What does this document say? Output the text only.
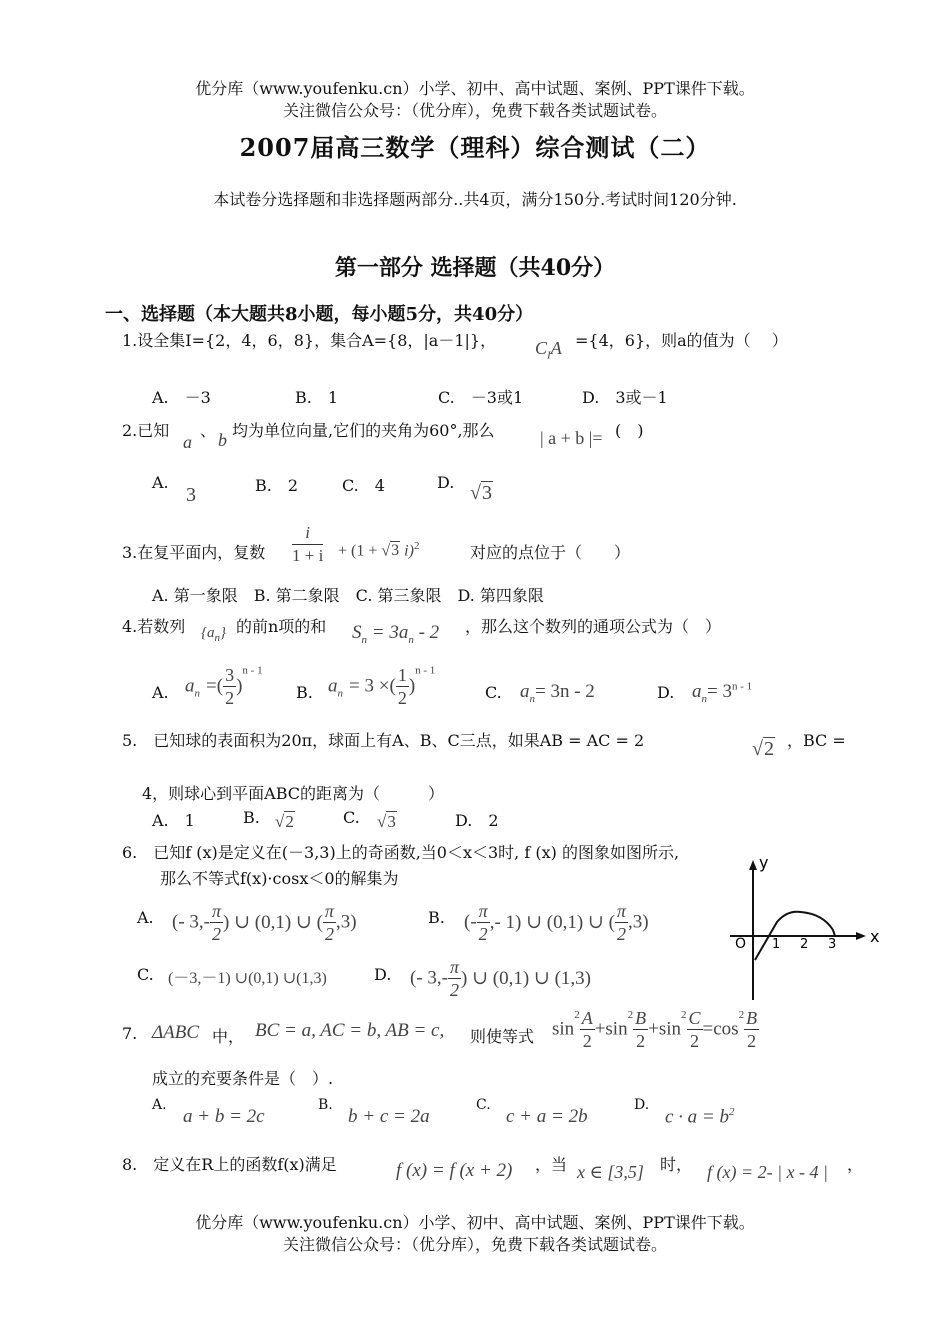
优分库（www.youfenku.cn）小学、初中、高中试题、案例、PPT课件下载。
关注微信公众号：（优分库），免费下载各类试题试卷。
2007届高三数学（理科）综合测试（二）
本试卷分选择题和非选择题两部分..共4页，满分150分.考试时间120分钟.
第一部分 选择题（共40分）
一、选择题（本大题共8小题，每小题5分，共40分）
1.设全集I={2，4，6，8}，集合A={8，|a－1|}， $C_IA =\{4$，6}，则a的值为（　 ）
A.　－3	B.　1	C.　－3或1	D.　3或－1
2.已知
a
、 b 均为单位向量,它们的夹角为60°,那么	| a + b |= (　)
A.
3	B.　2	C.　4	D. √3
3.在复平面内，复数 $\frac{i}{1 + i} + (1 + √3$ i)$^2$	对应的点位于（　　）
A. 第一象限　B. 第二象限　C. 第三象限　D. 第四象限
4.若数列 $\{a_n\}$ 的前n项的和 $S_n = 3a_n - 2$ ，那么这个数列的通项公式为（　）
A. $a_n$ =( $\frac{3}{2} )^{n - 1}$
B. $a_n = 3$ ×( $\frac{1}{2} )^{n - 1}$
C. $a_n= 3n - 2$	D. $a_n= 3^{n - 1}$
5.　已知球的表面积为20π，球面上有A、B、C三点，如果AB = AC = 2	√2 ，BC =
4，则球心到平面ABC的距离为（　　　）
A.　1	B. √2	C. √3	D.　2
6.　已知f (x)是定义在(－3,3)上的奇函数,当0＜x＜3时, f (x) 的图象如图所示,
那么不等式f(x)·cosx＜0的解集为
A. (- $3,- \frac{\pi}{2}$ ) ∪ (0,1) ∪ ( $\frac{\pi}{2} ,3$)	B. (- $\frac{\pi}{2}$ ,- 1) ∪ (0,1) ∪ ( $\frac{\pi}{2} ,3$)
C. (－3,－1) ∪(0,1) ∪(1,3)	D. (- $3,- \frac{\pi}{2}$ ) ∪ (0,1) ∪ (1,3)
y
x
O 1 2 3
7. ΔABC 中， BC = a, AC = b, AB = c, 则使等式 $\sin^2 \frac{A}{2} +\sin^2 \frac{B}{2} +\sin^2 \frac{C}{2} =\cos^2 \frac{B}{2}$
成立的充要条件是（　）.
A.
a + b = 2c
B.
b + c = 2a
C.
c + a = 2b
D.
$c \cdot a = b^2$
8.　定义在R上的函数f(x)满足	f (x) = f (x + 2) ，当 x ∈ [3,5] 时， f (x) = 2- | x - 4 | ，
优分库（www.youfenku.cn）小学、初中、高中试题、案例、PPT课件下载。
关注微信公众号：（优分库），免费下载各类试题试卷。
